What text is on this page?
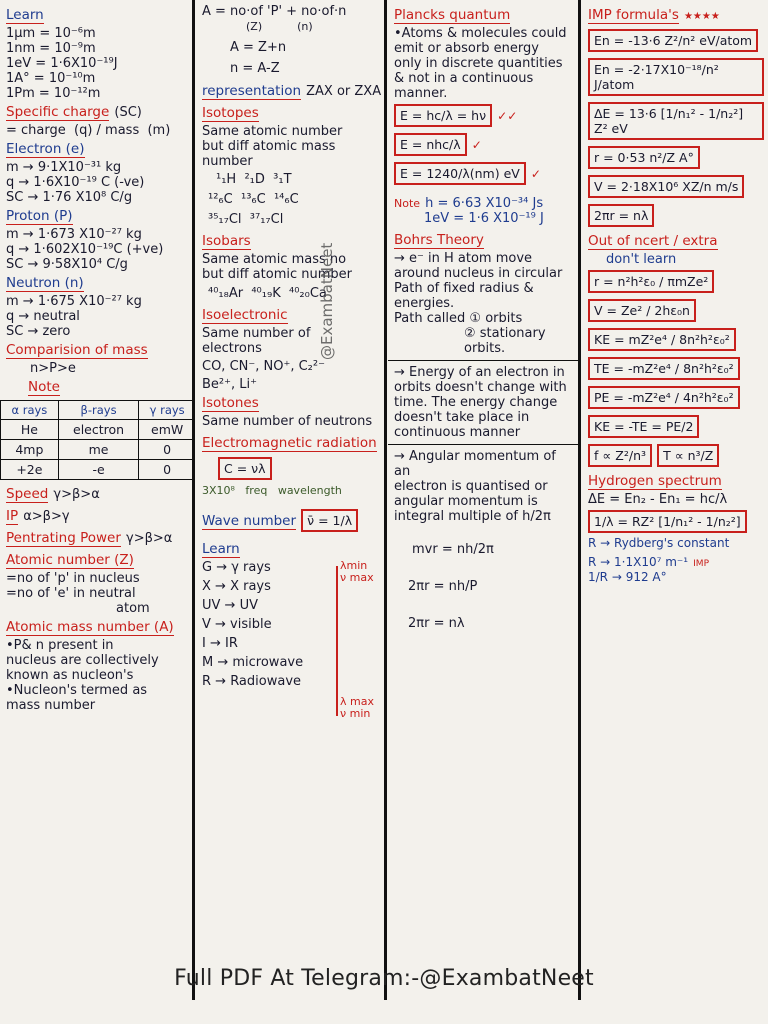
Learn
1μm = 10⁻⁶m
1nm = 10⁻⁹m
1eV = 1·6X10⁻¹⁹J
1A° = 10⁻¹⁰m
1Pm = 10⁻¹²m
Specific charge (SC)
= charge  (q) / mass  (m)
Electron (e)
m → 9·1X10⁻³¹ kg
q → 1·6X10⁻¹⁹ C (-ve)
SC → 1·76 X10⁸ C/g
Proton (P)
m → 1·673 X10⁻²⁷ kg
q → 1·602X10⁻¹⁹C (+ve)
SC → 9·58X10⁴ C/g
Neutron (n)
m → 1·675 X10⁻²⁷ kg
q → neutral
SC → zero
Comparision of mass
n>P>e
Note
α rays	β-rays	γ rays
He	electron	emW
4mp	me	0
+2e	-e	0
Speed γ>β>α
IP α>β>γ
Pentrating Power γ>β>α
Atomic number (Z)
=no of 'p' in nucleus
=no of 'e' in neutral
atom
Atomic mass number (A)
•P& n present in
nucleus are collectively
known as nucleon's
•Nucleon's termed as
mass number
A = no·of 'P' + no·of·n
(Z)          (n)
A = Z+n
n = A-Z
representation ZAX or ZXA
Isotopes
Same atomic number
but diff atomic mass
number
¹₁H  ²₁D  ³₁T
¹²₆C  ¹³₆C  ¹⁴₆C
³⁵₁₇Cl  ³⁷₁₇Cl
Isobars
Same atomic mass no
but diff atomic number
⁴⁰₁₈Ar  ⁴⁰₁₉K  ⁴⁰₂₀Ca
Isoelectronic
Same number of
electrons
CO, CN⁻, NO⁺, C₂²⁻
Be²⁺, Li⁺
Isotones
Same number of neutrons
Electromagnetic radiation C = νλ
3X10⁸   freq   wavelength
Wave number ν̄ = 1/λ
Learn
G → γ rays
X → X rays
UV → UV
V → visible
I → IR
M → microwave
R → Radiowave
λmin
ν max
λ max
ν min
Plancks quantum
•Atoms & molecules could
emit or absorb energy
only in discrete quantities
& not in a continuous
manner.
E = hc/λ = hν ✓✓
E = nhc/λ ✓
E = 1240/λ(nm) eV ✓
Note h = 6·63 X10⁻³⁴ Js
1eV = 1·6 X10⁻¹⁹ J
Bohrs Theory
→ e⁻ in H atom move
around nucleus in circular
Path of fixed radius &
energies.
Path called ① orbits
② stationary orbits.
→ Energy of an electron in
orbits doesn't change with
time. The energy change
doesn't take place in
continuous manner
→ Angular momentum of an
electron is quantised or
angular momentum is
integral multiple of h/2π
mvr = nh/2π
2πr = nh/P
2πr = nλ
IMP formula's ★★★★
En = -13·6 Z²/n² eV/atom En = -2·17X10⁻¹⁸/n² J/atom
ΔE = 13·6 [1/n₁² - 1/n₂²] Z² eV
r = 0·53 n²/Z A° V = 2·18X10⁶ XZ/n m/s 2πr = nλ Out of ncert / extra
don't learn
r = n²h²ε₀ / πmZe² V = Ze² / 2hε₀n KE = mZ²e⁴ / 8n²h²ε₀² TE = -mZ²e⁴ / 8n²h²ε₀² PE = -mZ²e⁴ / 4n²h²ε₀² KE = -TE = PE/2
f ∝ Z²/n³ T ∝ n³/Z
Hydrogen spectrum
ΔE = En₂ - En₁ = hc/λ
1/λ = RZ² [1/n₁² - 1/n₂²]
R → Rydberg's constant
R → 1·1X10⁷ m⁻¹ IMP
1/R → 912 A°
@ExambatNeet
Full PDF At Telegram:-@ExambatNeet
